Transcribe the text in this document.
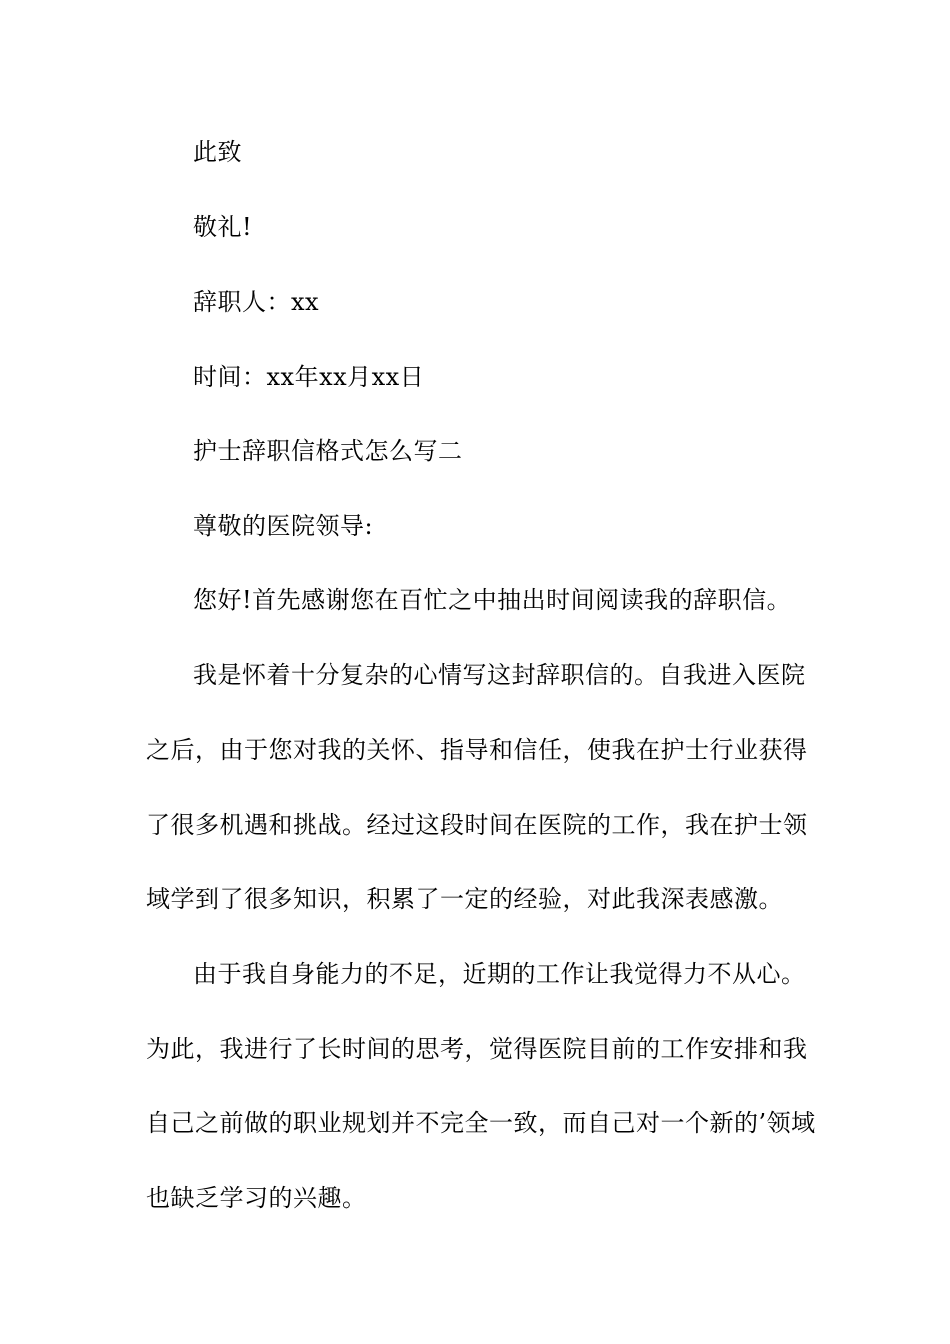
此致
敬礼!
辞职人：xx
时间：xx年xx月xx日
护士辞职信格式怎么写二
尊敬的医院领导:
您好!首先感谢您在百忙之中抽出时间阅读我的辞职信。
我是怀着十分复杂的心情写这封辞职信的。自我进入医院
之后，由于您对我的关怀、指导和信任，使我在护士行业获得
了很多机遇和挑战。经过这段时间在医院的工作，我在护士领
域学到了很多知识，积累了一定的经验，对此我深表感激。
由于我自身能力的不足，近期的工作让我觉得力不从心。
为此，我进行了长时间的思考，觉得医院目前的工作安排和我
自己之前做的职业规划并不完全一致，而自己对一个新的’领域
也缺乏学习的兴趣。
